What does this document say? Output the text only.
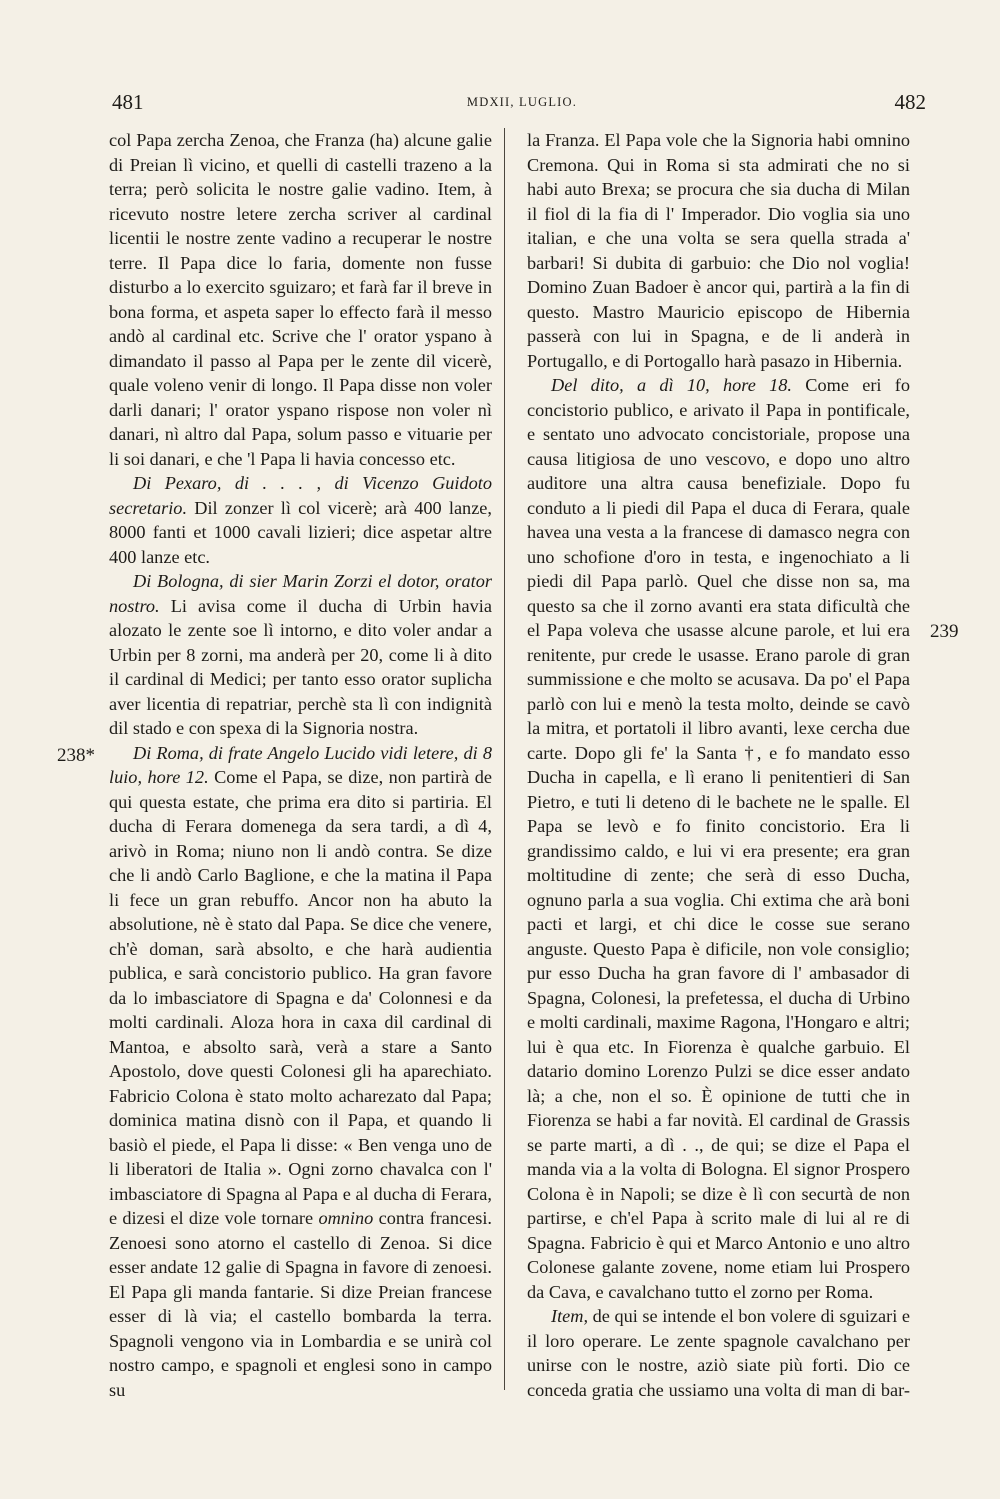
481	MDXII, LUGLIO.	482
238*
239

col Papa zercha Zenoa, che Franza (ha) alcune galie di Preian lì vicino, et quelli di castelli trazeno a la terra; però solicita le nostre galie vadino. Item, à ricevuto nostre letere zercha scriver al cardinal licentii le nostre zente vadino a recuperar le nostre terre. Il Papa dice lo faria, domente non fusse disturbo a lo exercito sguizaro; et farà far il breve in bona forma, et aspeta saper lo effecto farà il messo andò al cardinal etc. Scrive che l' orator yspano à dimandato il passo al Papa per le zente dil vicerè, quale voleno venir di longo. Il Papa disse non voler darli danari; l' orator yspano rispose non voler nì danari, nì altro dal Papa, solum passo e vituarie per li soi danari, e che 'l Papa li havia concesso etc.

Di Pexaro, di . . . , di Vicenzo Guidoto secretario. Dil zonzer lì col vicerè; arà 400 lanze, 8000 fanti et 1000 cavali lizieri; dice aspetar altre 400 lanze etc.

Di Bologna, di sier Marin Zorzi el dotor, orator nostro. Li avisa come il ducha di Urbin havia alozato le zente soe lì intorno, e dito voler andar a Urbin per 8 zorni, ma anderà per 20, come li à dito il cardinal di Medici; per tanto esso orator suplicha aver licentia di repatriar, perchè sta lì con indignità dil stado e con spexa di la Signoria nostra.

Di Roma, di frate Angelo Lucido vidi letere, di 8 luio, hore 12. Come el Papa, se dize, non partirà de qui questa estate, che prima era dito si partiria. El ducha di Ferara domenega da sera tardi, a dì 4, arivò in Roma; niuno non li andò contra. Se dize che li andò Carlo Baglione, e che la matina il Papa li fece un gran rebuffo. Ancor non ha abuto la absolutione, nè è stato dal Papa. Se dice che venere, ch'è doman, sarà absolto, e che harà audientia publica, e sarà concistorio publico. Ha gran favore da lo imbasciatore di Spagna e da' Colonnesi e da molti cardinali. Aloza hora in caxa dil cardinal di Mantoa, e absolto sarà, verà a stare a Santo Apostolo, dove questi Colonesi gli ha aparechiato. Fabricio Colona è stato molto acharezato dal Papa; dominica matina disnò con il Papa, et quando li basiò el piede, el Papa li disse: « Ben venga uno de li liberatori de Italia ». Ogni zorno chavalca con l' imbasciatore di Spagna al Papa e al ducha di Ferara, e dizesi el dize vole tornare omnino contra francesi. Zenoesi sono atorno el castello di Zenoa. Si dice esser andate 12 galie di Spagna in favore di zenoesi. El Papa gli manda fantarie. Si dize Preian francese esser di là via; el castello bombarda la terra. Spagnoli vengono via in Lombardia e se unirà col nostro campo, e spagnoli et englesi sono in campo su

la Franza. El Papa vole che la Signoria habi omnino Cremona. Qui in Roma si sta admirati che no si habi auto Brexa; se procura che sia ducha di Milan il fiol di la fia di l' Imperador. Dio voglia sia uno italian, e che una volta se sera quella strada a' barbari! Si dubita di garbuio: che Dio nol voglia! Domino Zuan Badoer è ancor qui, partirà a la fin di questo. Mastro Mauricio episcopo de Hibernia passerà con lui in Spagna, e de li anderà in Portugallo, e di Portogallo harà pasazo in Hibernia.

Del dito, a dì 10, hore 18. Come eri fo concistorio publico, e arivato il Papa in pontificale, e sentato uno advocato concistoriale, propose una causa litigiosa de uno vescovo, e dopo uno altro auditore una altra causa benefiziale. Dopo fu conduto a li piedi dil Papa el duca di Ferara, quale havea una vesta a la francese di damasco negra con uno schofione d'oro in testa, e ingenochiato a li piedi dil Papa parlò. Quel che disse non sa, ma questo sa che il zorno avanti era stata dificultà che el Papa voleva che usasse alcune parole, et lui era renitente, pur crede le usasse. Erano parole di gran summissione e che molto se acusava. Da po' el Papa parlò con lui e menò la testa molto, deinde se cavò la mitra, et portatoli il libro avanti, lexe cercha due carte. Dopo gli fe' la Santa †, e fo mandato esso Ducha in capella, e lì erano li penitentieri di San Pietro, e tuti li deteno di le bachete ne le spalle. El Papa se levò e fo finito concistorio. Era li grandissimo caldo, e lui vi era presente; era gran moltitudine di zente; che serà di esso Ducha, ognuno parla a sua voglia. Chi extima che arà boni pacti et largi, et chi dice le cosse sue serano anguste. Questo Papa è dificile, non vole consiglio; pur esso Ducha ha gran favore di l' ambasador di Spagna, Colonesi, la prefetessa, el ducha di Urbino e molti cardinali, maxime Ragona, l'Hongaro e altri; lui è qua etc. In Fiorenza è qualche garbuio. El datario domino Lorenzo Pulzi se dice esser andato là; a che, non el so. È opinione de tutti che in Fiorenza se habi a far novità. El cardinal de Grassis se parte marti, a dì . ., de qui; se dize el Papa el manda via a la volta di Bologna. El signor Prospero Colona è in Napoli; se dize è lì con securtà de non partirse, e ch'el Papa à scrito male di lui al re di Spagna. Fabricio è qui et Marco Antonio e uno altro Colonese galante zovene, nome etiam lui Prospero da Cava, e cavalchano tutto el zorno per Roma.

Item, de qui se intende el bon volere di sguizari e il loro operare. Le zente spagnole cavalchano per unirse con le nostre, aziò siate più forti. Dio ce conceda gratia che ussiamo una volta di man di bar-
